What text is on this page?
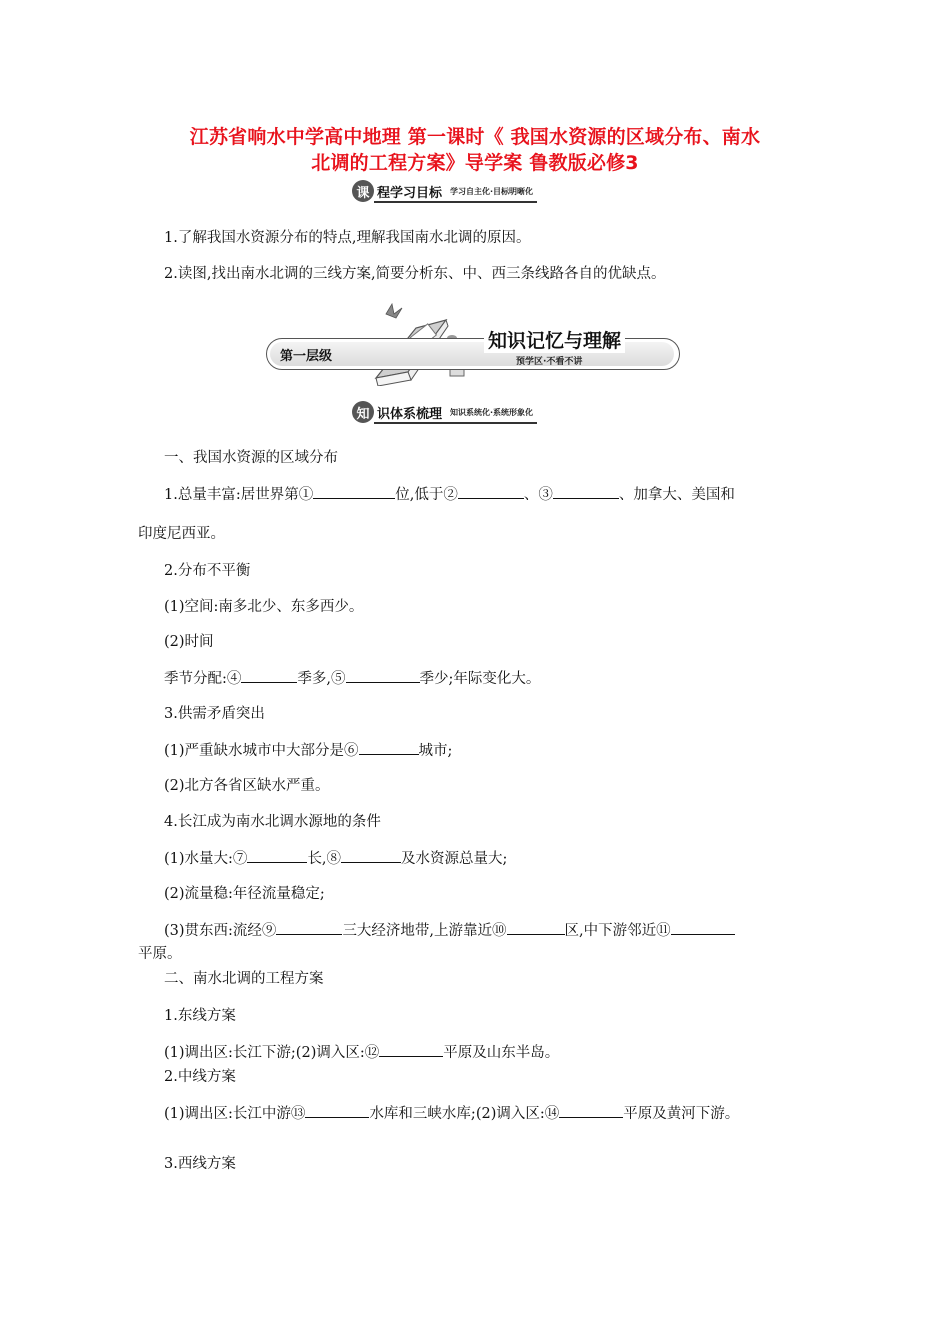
江苏省响水中学高中地理 第一课时《 我国水资源的区域分布、南水
北调的工程方案》导学案 鲁教版必修3
课 程学习目标 学习自主化·目标明晰化
1.了解我国水资源分布的特点,理解我国南水北调的原因。
2.读图,找出南水北调的三线方案,简要分析东、中、西三条线路各自的优缺点。
第一层级
知识记忆与理解
预学区·不看不讲
知 识体系梳理 知识系统化·系统形象化
一、我国水资源的区域分布
1.总量丰富:居世界第①	位,低于②	、③	、加拿大、美国和
印度尼西亚。
2.分布不平衡
(1)空间:南多北少、东多西少。
(2)时间
季节分配:④	季多,⑤	季少;年际变化大。
3.供需矛盾突出
(1)严重缺水城市中大部分是⑥	城市;
(2)北方各省区缺水严重。
4.长江成为南水北调水源地的条件
(1)水量大:⑦	长,⑧	及水资源总量大;
(2)流量稳:年径流量稳定;
(3)贯东西:流经⑨	三大经济地带,上游靠近⑩	区,中下游邻近⑪
平原。
二、南水北调的工程方案
1.东线方案
(1)调出区:长江下游;(2)调入区:⑫	平原及山东半岛。
2.中线方案
(1)调出区:长江中游⑬	水库和三峡水库;(2)调入区:⑭	平原及黄河下游。
3.西线方案
